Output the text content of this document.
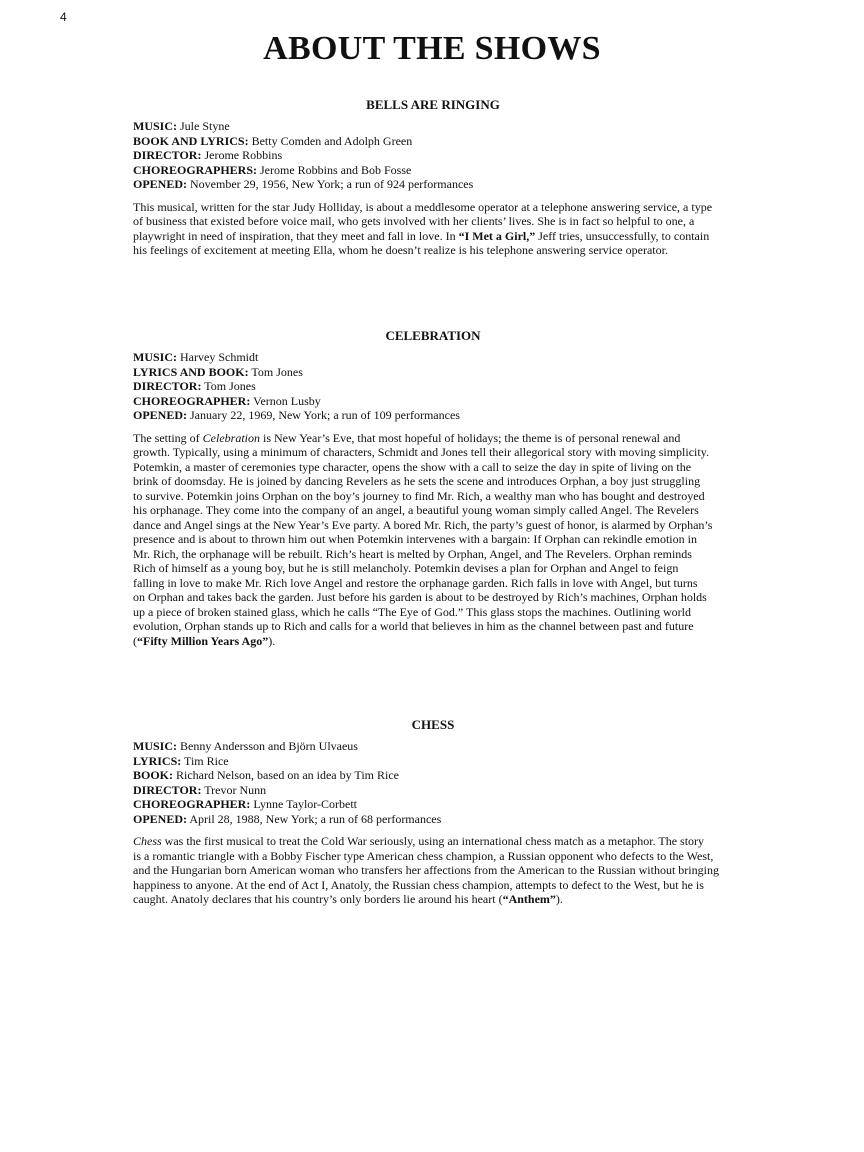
4
ABOUT THE SHOWS
BELLS ARE RINGING
MUSIC: Jule Styne
BOOK AND LYRICS: Betty Comden and Adolph Green
DIRECTOR: Jerome Robbins
CHOREOGRAPHERS: Jerome Robbins and Bob Fosse
OPENED: November 29, 1956, New York; a run of 924 performances
This musical, written for the star Judy Holliday, is about a meddlesome operator at a telephone answering service, a type
of business that existed before voice mail, who gets involved with her clients’ lives. She is in fact so helpful to one, a
playwright in need of inspiration, that they meet and fall in love. In “I Met a Girl,” Jeff tries, unsuccessfully, to contain
his feelings of excitement at meeting Ella, whom he doesn’t realize is his telephone answering service operator.
CELEBRATION
MUSIC: Harvey Schmidt
LYRICS AND BOOK: Tom Jones
DIRECTOR: Tom Jones
CHOREOGRAPHER: Vernon Lusby
OPENED: January 22, 1969, New York; a run of 109 performances
The setting of Celebration is New Year’s Eve, that most hopeful of holidays; the theme is of personal renewal and
growth. Typically, using a minimum of characters, Schmidt and Jones tell their allegorical story with moving simplicity.
Potemkin, a master of ceremonies type character, opens the show with a call to seize the day in spite of living on the
brink of doomsday. He is joined by dancing Revelers as he sets the scene and introduces Orphan, a boy just struggling
to survive. Potemkin joins Orphan on the boy’s journey to find Mr. Rich, a wealthy man who has bought and destroyed
his orphanage. They come into the company of an angel, a beautiful young woman simply called Angel. The Revelers
dance and Angel sings at the New Year’s Eve party. A bored Mr. Rich, the party’s guest of honor, is alarmed by Orphan’s
presence and is about to thrown him out when Potemkin intervenes with a bargain: If Orphan can rekindle emotion in
Mr. Rich, the orphanage will be rebuilt. Rich’s heart is melted by Orphan, Angel, and The Revelers. Orphan reminds
Rich of himself as a young boy, but he is still melancholy. Potemkin devises a plan for Orphan and Angel to feign
falling in love to make Mr. Rich love Angel and restore the orphanage garden. Rich falls in love with Angel, but turns
on Orphan and takes back the garden. Just before his garden is about to be destroyed by Rich’s machines, Orphan holds
up a piece of broken stained glass, which he calls “The Eye of God.” This glass stops the machines. Outlining world
evolution, Orphan stands up to Rich and calls for a world that believes in him as the channel between past and future
(“Fifty Million Years Ago”).
CHESS
MUSIC: Benny Andersson and Björn Ulvaeus
LYRICS: Tim Rice
BOOK: Richard Nelson, based on an idea by Tim Rice
DIRECTOR: Trevor Nunn
CHOREOGRAPHER: Lynne Taylor-Corbett
OPENED: April 28, 1988, New York; a run of 68 performances
Chess was the first musical to treat the Cold War seriously, using an international chess match as a metaphor. The story
is a romantic triangle with a Bobby Fischer type American chess champion, a Russian opponent who defects to the West,
and the Hungarian born American woman who transfers her affections from the American to the Russian without bringing
happiness to anyone. At the end of Act I, Anatoly, the Russian chess champion, attempts to defect to the West, but he is
caught. Anatoly declares that his country’s only borders lie around his heart (“Anthem”).
